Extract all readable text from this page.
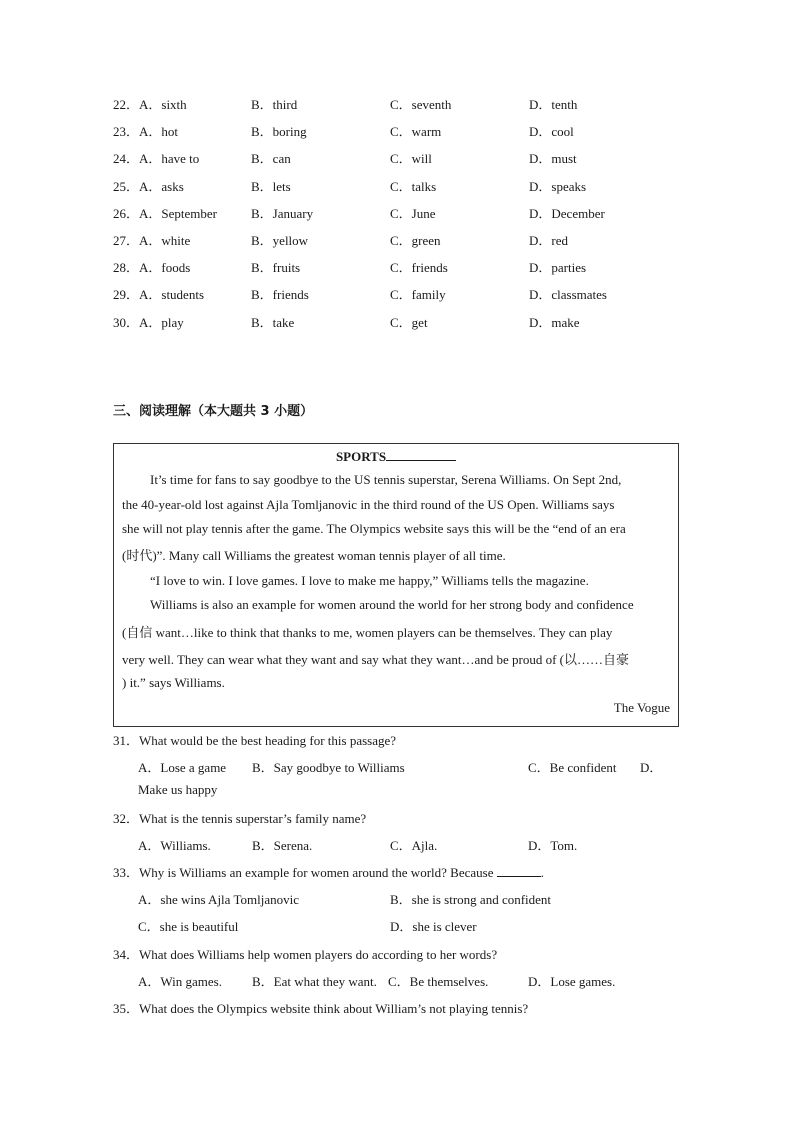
22． A．sixth	B．third	C．seventh	D．tenth
23． A．hot	B．boring	C．warm	D．cool
24． A．have to	B．can	C．will	D．must
25． A．asks	B．lets	C．talks	D．speaks
26． A．September	B．January	C．June	D．December
27． A．white	B．yellow	C．green	D．red
28． A．foods	B．fruits	C．friends	D．parties
29． A．students	B．friends	C．family	D．classmates
30． A．play	B．take	C．get	D．make
三、阅读理解（本大题共 3 小题）
SPORTS
It’s time for fans to say goodbye to the US tennis superstar, Serena Williams. On Sept 2nd,
the 40-year-old lost against Ajla Tomljanovic in the third round of the US Open. Williams says
she will not play tennis after the game. The Olympics website says this will be the “end of an era
(时代)”. Many call Williams the greatest woman tennis player of all time.
“I love to win. I love games. I love to make me happy,” Williams tells the magazine.
Williams is also an example for women around the world for her strong body and confidence
(自信 want…like to think that thanks to me, women players can be themselves. They can play
very well. They can wear what they want and say what they want…and be proud of (以……自豪
) it.” says Williams.
The Vogue
31．What would be the best heading for this passage?
A．Lose a game B．Say goodbye to Williams	C．Be confident D．
Make us happy
32．What is the tennis superstar’s family name?
A．Williams.	B．Serena.	C．Ajla.	D．Tom.
33．Why is Williams an example for women around the world? Because	.
A．she wins Ajla Tomljanovic	B．she is strong and confident
C．she is beautiful	D．she is clever
34．What does Williams help women players do according to her words?
A．Win games. B．Eat what they want. C．Be themselves.	D．Lose games.
35．What does the Olympics website think about William’s not playing tennis?
